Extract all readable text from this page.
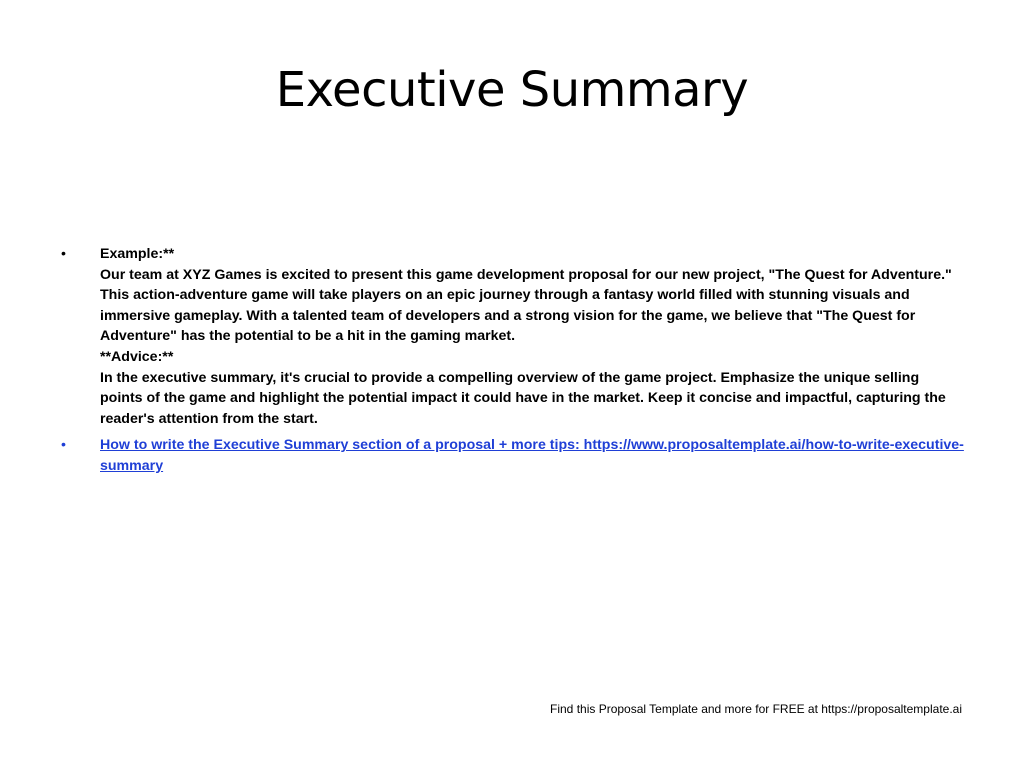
Executive Summary
• Example:**
Our team at XYZ Games is excited to present this game development proposal for our new project, "The Quest for Adventure." This action-adventure game will take players on an epic journey through a fantasy world filled with stunning visuals and immersive gameplay. With a talented team of developers and a strong vision for the game, we believe that "The Quest for Adventure" has the potential to be a hit in the gaming market.
**Advice:**
In the executive summary, it's crucial to provide a compelling overview of the game project. Emphasize the unique selling points of the game and highlight the potential impact it could have in the market. Keep it concise and impactful, capturing the reader's attention from the start.
• How to write the Executive Summary section of a proposal + more tips: https://www.proposaltemplate.ai/how-to-write-executive-summary
Find this Proposal Template and more for FREE at https://proposaltemplate.ai
